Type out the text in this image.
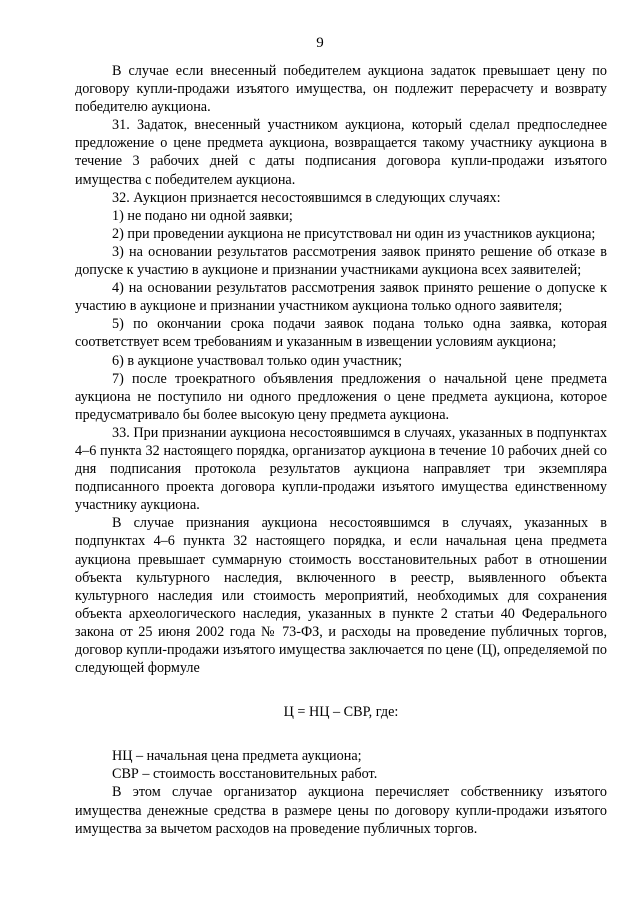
9

В случае если внесенный победителем аукциона задаток превышает цену по договору купли-продажи изъятого имущества, он подлежит перерасчету и возврату победителю аукциона.

31. Задаток, внесенный участником аукциона, который сделал предпоследнее предложение о цене предмета аукциона, возвращается такому участнику аукциона в течение 3 рабочих дней с даты подписания договора купли-продажи изъятого имущества с победителем аукциона.

32. Аукцион признается несостоявшимся в следующих случаях:

1) не подано ни одной заявки;

2) при проведении аукциона не присутствовал ни один из участников аукциона;

3) на основании результатов рассмотрения заявок принято решение об отказе в допуске к участию в аукционе и признании участниками аукциона всех заявителей;

4) на основании результатов рассмотрения заявок принято решение о допуске к участию в аукционе и признании участником аукциона только одного заявителя;

5) по окончании срока подачи заявок подана только одна заявка, которая соответствует всем требованиям и указанным в извещении условиям аукциона;

6) в аукционе участвовал только один участник;

7) после троекратного объявления предложения о начальной цене предмета аукциона не поступило ни одного предложения о цене предмета аукциона, которое предусматривало бы более высокую цену предмета аукциона.

33. При признании аукциона несостоявшимся в случаях, указанных в подпунктах 4–6 пункта 32 настоящего порядка, организатор аукциона в течение 10 рабочих дней со дня подписания протокола результатов аукциона направляет три экземпляра подписанного проекта договора купли-продажи изъятого имущества единственному участнику аукциона.

В случае признания аукциона несостоявшимся в случаях, указанных в подпунктах 4–6 пункта 32 настоящего порядка, и если начальная цена предмета аукциона превышает суммарную стоимость восстановительных работ в отношении объекта культурного наследия, включенного в реестр, выявленного объекта культурного наследия или стоимость мероприятий, необходимых для сохранения объекта археологического наследия, указанных в пункте 2 статьи 40 Федерального закона от 25 июня 2002 года № 73-ФЗ, и расходы на проведение публичных торгов, договор купли-продажи изъятого имущества заключается по цене (Ц), определяемой по следующей формуле

Ц = НЦ – СВР, где:

НЦ – начальная цена предмета аукциона;

СВР – стоимость восстановительных работ.

В этом случае организатор аукциона перечисляет собственнику изъятого имущества денежные средства в размере цены по договору купли-продажи изъятого имущества за вычетом расходов на проведение публичных торгов.
